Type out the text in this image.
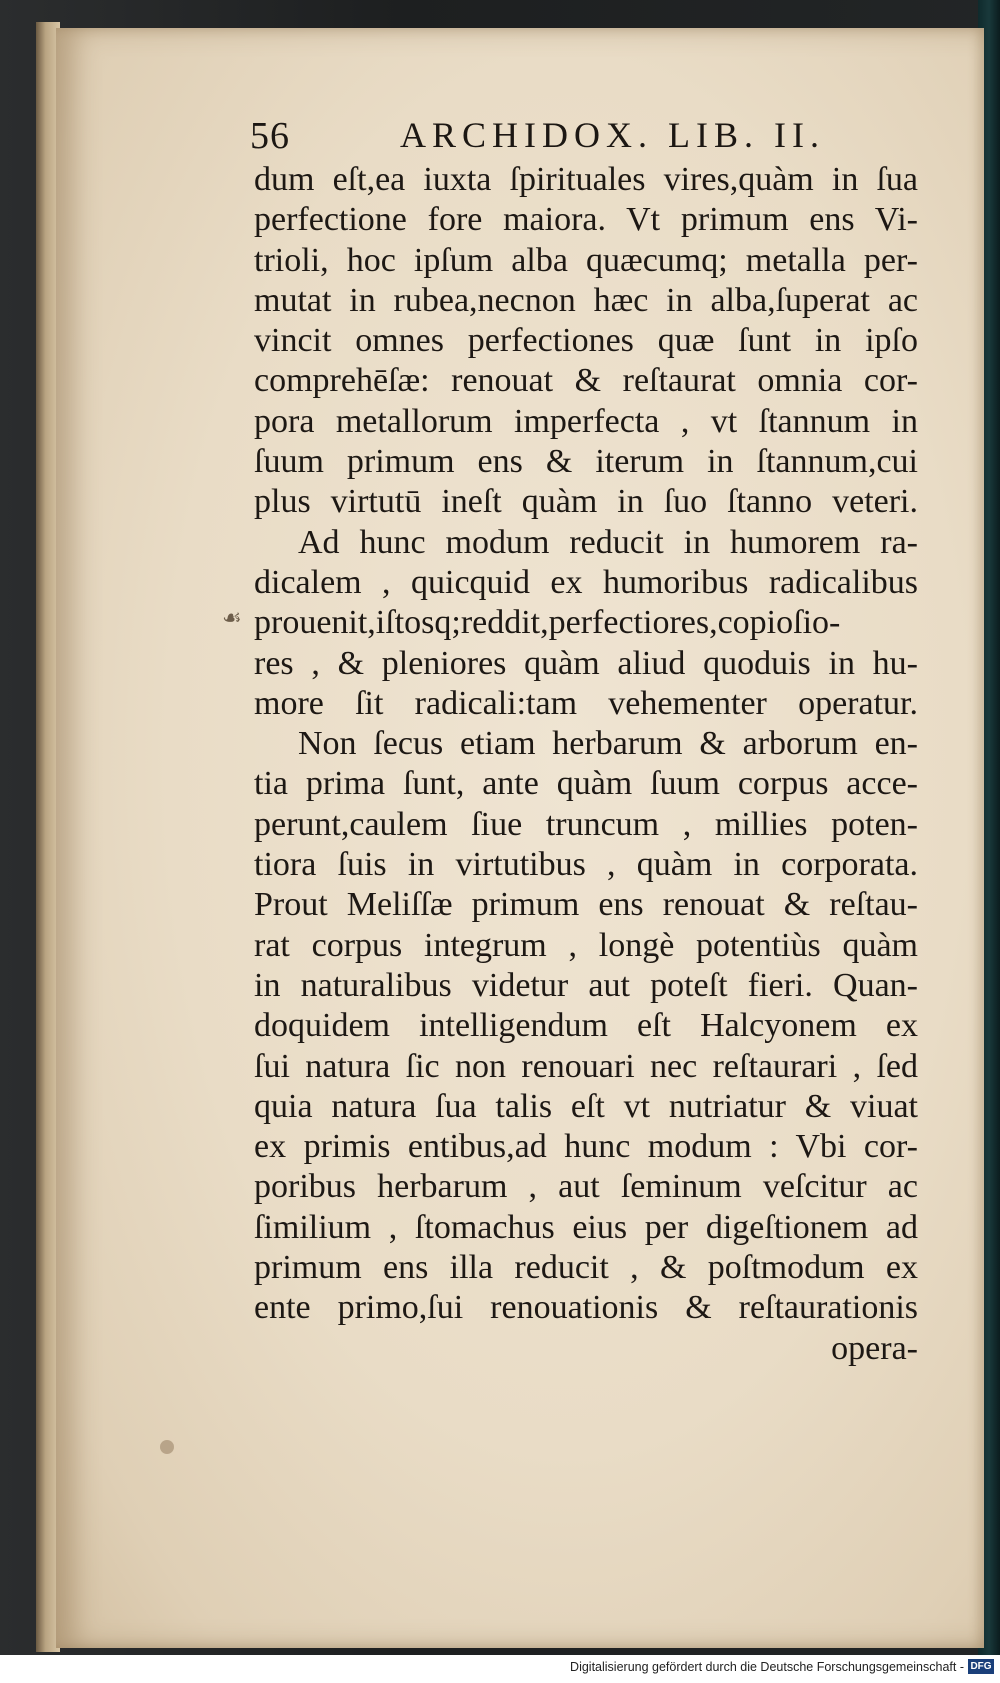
56	ARCHIDOX. LIB. II.
☙
dum eſt,ea iuxta ſpirituales vires,quàm in ſua
perfectione fore maiora. Vt primum ens Vi-
trioli, hoc ipſum alba quæcumq; metalla per-
mutat in rubea,necnon hæc in alba,ſuperat ac
vincit omnes perfectiones quæ ſunt in ipſo
comprehēſæ: renouat & reſtaurat omnia cor-
pora metallorum imperfecta , vt ſtannum in
ſuum primum ens & iterum in ſtannum,cui
plus virtutū ineſt quàm in ſuo ſtanno veteri.
Ad hunc modum reducit in humorem ra-
dicalem , quicquid ex humoribus radicalibus
prouenit,iſtosq;reddit,perfectiores,copioſio-
res , & pleniores quàm aliud quoduis in hu-
more ſit radicali:tam vehementer operatur.
Non ſecus etiam herbarum & arborum en-
tia prima ſunt, ante quàm ſuum corpus acce-
perunt,caulem ſiue truncum , millies poten-
tiora ſuis in virtutibus , quàm in corporata.
Prout Meliſſæ primum ens renouat & reſtau-
rat corpus integrum , longè potentiùs quàm
in naturalibus videtur aut poteſt fieri. Quan-
doquidem intelligendum eſt Halcyonem ex
ſui natura ſic non renouari nec reſtaurari , ſed
quia natura ſua talis eſt vt nutriatur & viuat
ex primis entibus,ad hunc modum : Vbi cor-
poribus herbarum , aut ſeminum veſcitur ac
ſimilium , ſtomachus eius per digeſtionem ad
primum ens illa reducit , & poſtmodum ex
ente primo,ſui renouationis & reſtaurationis
opera-
Digitalisierung gefördert durch die Deutsche Forschungsgemeinschaft - DFG
